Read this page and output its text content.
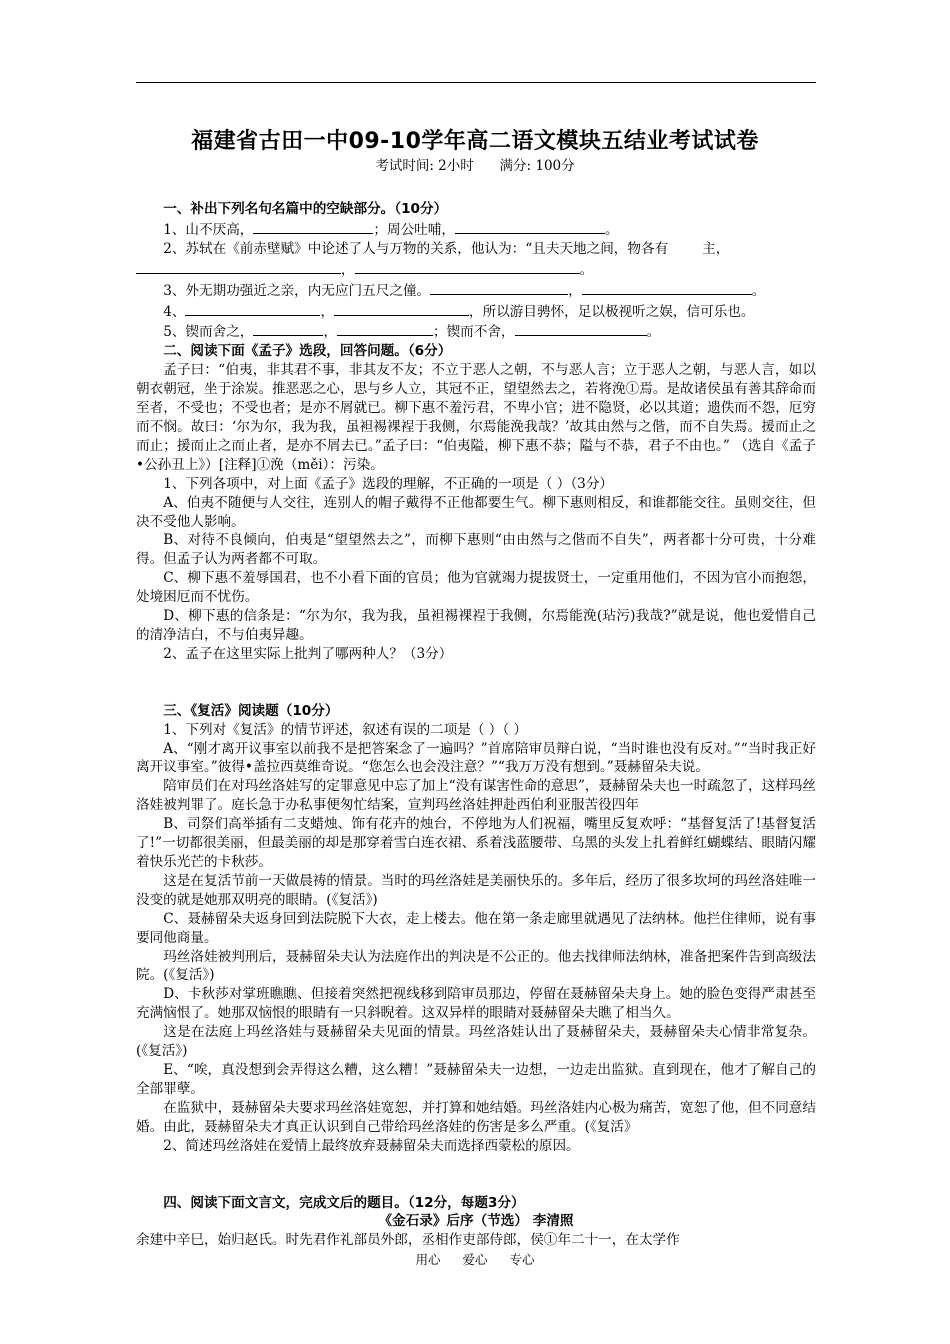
福建省古田一中09-10学年高二语文模块五结业考试试卷
考试时间: 2小时 满分: 100分

一、补出下列名句名篇中的空缺部分。（10分）

1、山不厌高，	；周公吐哺，	。

2、苏轼在《前赤壁赋》中论述了人与万物的关系，他认为：“且夫天地之间，物各有	主，

，	。

3、外无期功强近之亲，内无应门五尺之僮。	，	。

4、	，	，所以游目骋怀，足以极视听之娱，信可乐也。

5、锲而舍之，	，	；锲而不舍，	。

二、阅读下面《孟子》选段，回答问题。（6分）

孟子曰：“伯夷，非其君不事，非其友不友；不立于恶人之朝，不与恶人言；立于恶人之朝，与恶人言，如以朝衣朝冠，坐于涂炭。推恶恶之心，思与乡人立，其冠不正，望望然去之，若将浼①焉。是故诸侯虽有善其辞命而至者，不受也；不受也者；是亦不屑就已。柳下惠不羞污君，不卑小官；进不隐贤，必以其道；遗佚而不怨，厄穷而不悯。故曰：‘尔为尔，我为我，虽袒裼裸裎于我侧，尔焉能浼我哉？’故其由然与之偕，而不自失焉。援而止之而止；援而止之而止者，是亦不屑去已。”孟子曰：“伯夷隘，柳下惠不恭；隘与不恭，君子不由也。” （选自《孟子•公孙丑上》）[注释]①浼（měi）：污染。

1、下列各项中，对上面《孟子》选段的理解，不正确的一项是（ ）（3分）

A、伯夷不随便与人交往，连别人的帽子戴得不正他都要生气。柳下惠则相反，和谁都能交往。虽则交往，但决不受他人影响。

B、对待不良倾向，伯夷是“望望然去之”，而柳下惠则“由由然与之偕而不自失”，两者都十分可贵，十分难得。但孟子认为两者都不可取。

C、柳下惠不羞辱国君，也不小看下面的官员；他为官就竭力提拔贤士，一定重用他们，不因为官小而抱怨，处境困厄而不忧伤。

D、柳下惠的信条是：“尔为尔，我为我，虽袒裼裸裎于我侧，尔焉能浼(玷污)我哉?”就是说，他也爱惜自己的清净洁白，不与伯夷异趣。

2、孟子在这里实际上批判了哪两种人？（3分）

三、《复活》阅读题（10分）

1、下列对《复活》的情节评述，叙述有误的二项是（ ）（ ）

A、“刚才离开议事室以前我不是把答案念了一遍吗？”首席陪审员辩白说，“当时谁也没有反对。”“当时我正好离开议事室。”彼得•盖拉西莫维奇说。“您怎么也会没注意？”“我万万没有想到。”聂赫留朵夫说。

陪审员们在对玛丝洛娃写的定罪意见中忘了加上“没有谋害性命的意思”，聂赫留朵夫也一时疏忽了，这样玛丝洛娃被判罪了。庭长急于办私事便匆忙结案，宣判玛丝洛娃押赴西伯利亚服苦役四年

B、司祭们高举插有二支蜡烛、饰有花卉的烛台，不停地为人们祝福，嘴里反复欢呼：“基督复活了!基督复活了!”一切都很美丽，但最美丽的却是那穿着雪白连衣裙、系着浅蓝腰带、乌黑的头发上扎着鲜红蝴蝶结、眼睛闪耀着快乐光芒的卡秋莎。

这是在复活节前一天做晨祷的情景。当时的玛丝洛娃是美丽快乐的。多年后，经历了很多坎坷的玛丝洛娃唯一没变的就是她那双明亮的眼睛。(《复活》)

C、聂赫留朵夫返身回到法院脱下大衣，走上楼去。他在第一条走廊里就遇见了法纳林。他拦住律师，说有事要同他商量。

玛丝洛娃被判刑后，聂赫留朵夫认为法庭作出的判决是不公正的。他去找律师法纳林，准备把案件告到高级法院。(《复活》)

D、卡秋莎对掌班瞧瞧、但接着突然把视线移到陪审员那边，停留在聂赫留朵夫身上。她的脸色变得严肃甚至充满恼恨了。她那双恼恨的眼睛有一只斜睨着。这双异样的眼睛对聂赫留朵夫瞧了相当久。

这是在法庭上玛丝洛娃与聂赫留朵夫见面的情景。玛丝洛娃认出了聂赫留朵夫，聂赫留朵夫心情非常复杂。(《复活》)

E、“唉，真没想到会弄得这么糟，这么糟！”聂赫留朵夫一边想，一边走出监狱。直到现在，他才了解自己的全部罪孽。

在监狱中，聂赫留朵夫要求玛丝洛娃宽恕，并打算和她结婚。玛丝洛娃内心极为痛苦，宽恕了他，但不同意结婚。由此，聂赫留朵夫才真正认识到自己带给玛丝洛娃的伤害是多么严重。(《复活》

2、简述玛丝洛娃在爱情上最终放弃聂赫留朵夫而选择西蒙松的原因。

四、阅读下面文言文，完成文后的题目。（12分，每题3分）

《金石录》后序（节选） 李清照

余建中辛巳，始归赵氏。时先君作礼部员外郎，丞相作吏部侍郎，侯①年二十一，在太学作

用心 爱心 专心
